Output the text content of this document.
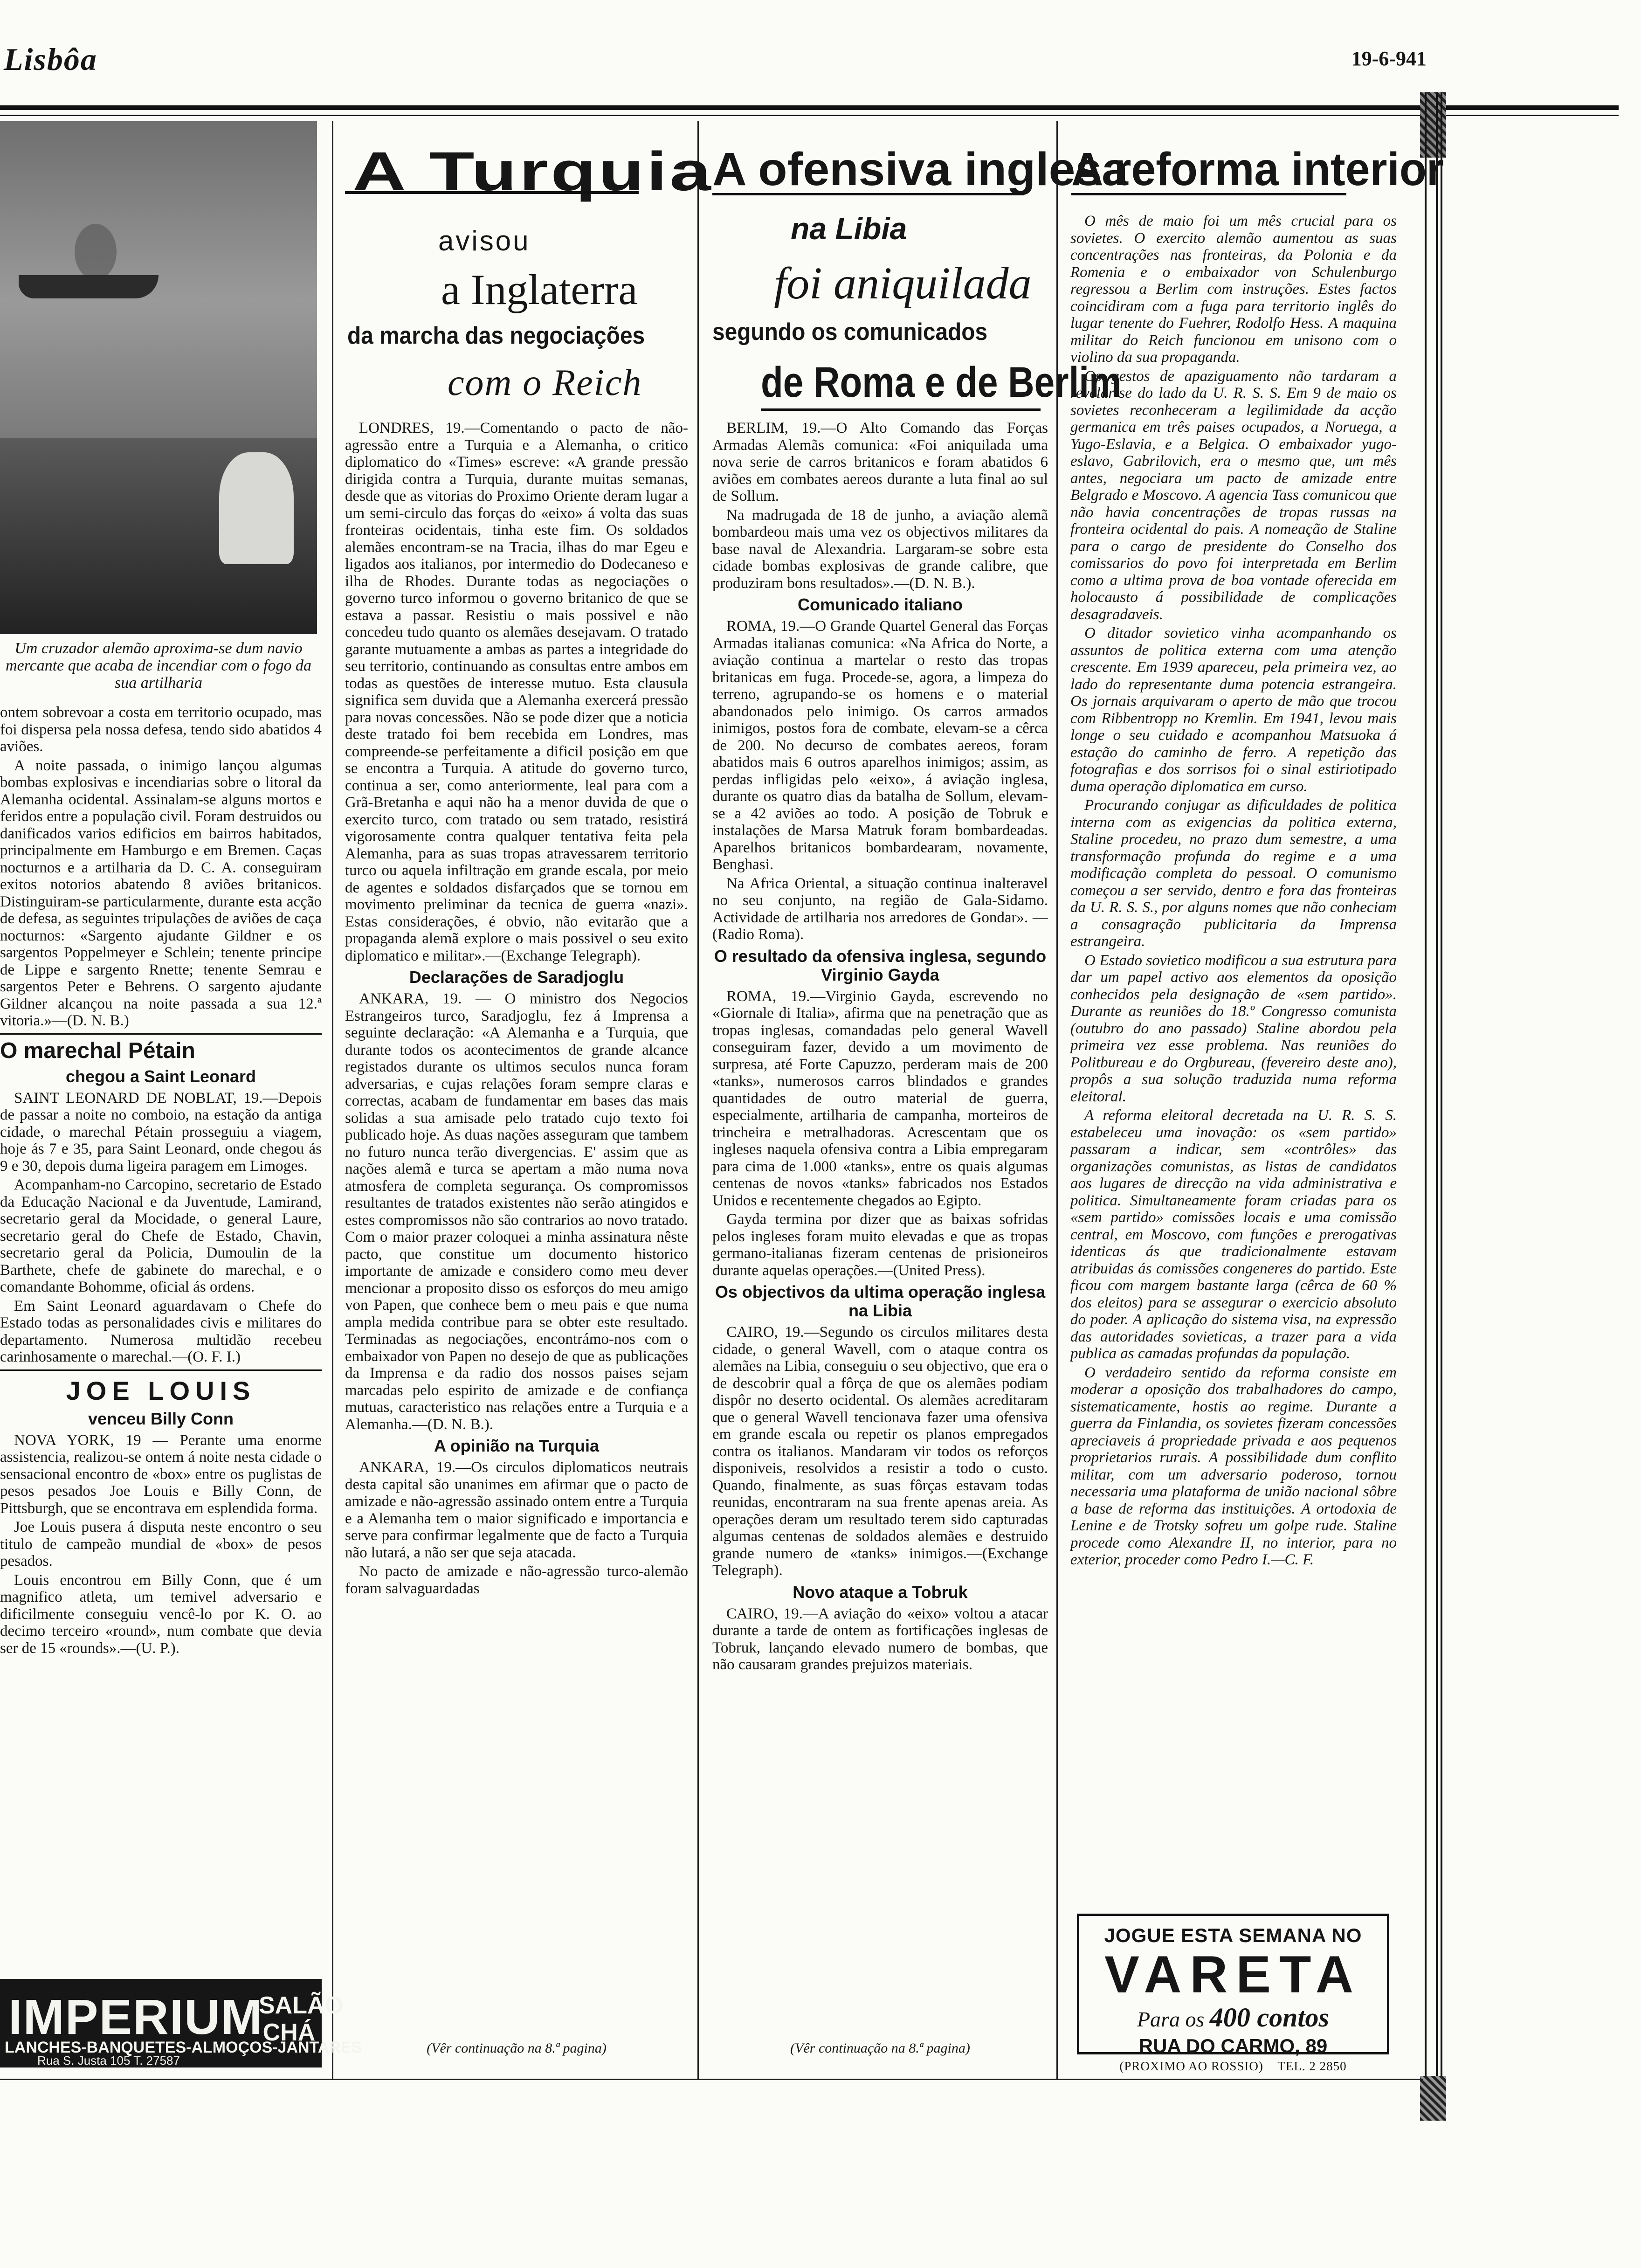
Lisbôa	19-6-941
Um cruzador alemão aproxima-se dum navio mercante que acaba de incendiar com o fogo da sua artilharia

ontem sobrevoar a costa em territorio ocupado, mas foi dispersa pela nossa defesa, tendo sido abatidos 4 aviões.

A noite passada, o inimigo lançou algumas bombas explosivas e incendiarias sobre o litoral da Alemanha ocidental. Assinalam-se alguns mortos e feridos entre a população civil. Foram destruidos ou danificados varios edificios em bairros habitados, principalmente em Hamburgo e em Bremen. Caças nocturnos e a artilharia da D. C. A. conseguiram exitos notorios abatendo 8 aviões britanicos. Distinguiram-se particularmente, durante esta acção de defesa, as seguintes tripulações de aviões de caça nocturnos: «Sargento ajudante Gildner e os sargentos Poppelmeyer e Schlein; tenente principe de Lippe e sargento Rnette; tenente Semrau e sargentos Peter e Behrens. O sargento ajudante Gildner alcançou na noite passada a sua 12.ª vitoria.»—(D. N. B.)

O marechal Pétain
chegou a Saint Leonard

SAINT LEONARD DE NOBLAT, 19.—Depois de passar a noite no comboio, na estação da antiga cidade, o marechal Pétain prosseguiu a viagem, hoje ás 7 e 35, para Saint Leonard, onde chegou ás 9 e 30, depois duma ligeira paragem em Limoges.

Acompanham-no Carcopino, secretario de Estado da Educação Nacional e da Juventude, Lamirand, secretario geral da Mocidade, o general Laure, secretario geral do Chefe de Estado, Chavin, secretario geral da Policia, Dumoulin de la Barthete, chefe de gabinete do marechal, e o comandante Bohomme, oficial ás ordens.

Em Saint Leonard aguardavam o Chefe do Estado todas as personalidades civis e militares do departamento. Numerosa multidão recebeu carinhosamente o marechal.—(O. F. I.)

JOE LOUIS
venceu Billy Conn

NOVA YORK, 19 — Perante uma enorme assistencia, realizou-se ontem á noite nesta cidade o sensacional encontro de «box» entre os puglistas de pesos pesados Joe Louis e Billy Conn, de Pittsburgh, que se encontrava em esplendida forma.

Joe Louis pusera á disputa neste encontro o seu titulo de campeão mundial de «box» de pesos pesados.

Louis encontrou em Billy Conn, que é um magnifico atleta, um temivel adversario e dificilmente conseguiu vencê-lo por K. O. ao decimo terceiro «round», num combate que devia ser de 15 «rounds».—(U. P.).

IMPERIUM
SALÃO CHÁ
LANCHES-BANQUETES-ALMOÇOS-JANTARES
Rua S. Justa 105 T. 27587
A Turquia
avisou
a Inglaterra
da marcha das negociações
com o Reich

LONDRES, 19.—Comentando o pacto de não-agressão entre a Turquia e a Alemanha, o critico diplomatico do «Times» escreve: «A grande pressão dirigida contra a Turquia, durante muitas semanas, desde que as vitorias do Proximo Oriente deram lugar a um semi-circulo das forças do «eixo» á volta das suas fronteiras ocidentais, tinha este fim. Os soldados alemães encontram-se na Tracia, ilhas do mar Egeu e ligados aos italianos, por intermedio do Dodecaneso e ilha de Rhodes. Durante todas as negociações o governo turco informou o governo britanico de que se estava a passar. Resistiu o mais possivel e não concedeu tudo quanto os alemães desejavam. O tratado garante mutuamente a ambas as partes a integridade do seu territorio, continuando as consultas entre ambos em todas as questões de interesse mutuo. Esta clausula significa sem duvida que a Alemanha exercerá pressão para novas concessões. Não se pode dizer que a noticia deste tratado foi bem recebida em Londres, mas compreende-se perfeitamente a dificil posição em que se encontra a Turquia. A atitude do governo turco, continua a ser, como anteriormente, leal para com a Grã-Bretanha e aqui não ha a menor duvida de que o exercito turco, com tratado ou sem tratado, resistirá vigorosamente contra qualquer tentativa feita pela Alemanha, para as suas tropas atravessarem territorio turco ou aquela infiltração em grande escala, por meio de agentes e soldados disfarçados que se tornou em movimento preliminar da tecnica de guerra «nazi». Estas considerações, é obvio, não evitarão que a propaganda alemã explore o mais possivel o seu exito diplomatico e militar».—(Exchange Telegraph).

Declarações de Saradjoglu

ANKARA, 19. — O ministro dos Negocios Estrangeiros turco, Saradjoglu, fez á Imprensa a seguinte declaração: «A Alemanha e a Turquia, que durante todos os acontecimentos de grande alcance registados durante os ultimos seculos nunca foram adversarias, e cujas relações foram sempre claras e correctas, acabam de fundamentar em bases das mais solidas a sua amisade pelo tratado cujo texto foi publicado hoje. As duas nações asseguram que tambem no futuro nunca terão divergencias. E' assim que as nações alemã e turca se apertam a mão numa nova atmosfera de completa segurança. Os compromissos resultantes de tratados existentes não serão atingidos e estes compromissos não são contrarios ao novo tratado. Com o maior prazer coloquei a minha assinatura nêste pacto, que constitue um documento historico importante de amizade e considero como meu dever mencionar a proposito disso os esforços do meu amigo von Papen, que conhece bem o meu pais e que numa ampla medida contribue para se obter este resultado. Terminadas as negociações, encontrámo-nos com o embaixador von Papen no desejo de que as publicações da Imprensa e da radio dos nossos paises sejam marcadas pelo espirito de amizade e de confiança mutuas, caracteristico nas relações entre a Turquia e a Alemanha.—(D. N. B.).

A opinião na Turquia

ANKARA, 19.—Os circulos diplomaticos neutrais desta capital são unanimes em afirmar que o pacto de amizade e não-agressão assinado ontem entre a Turquia e a Alemanha tem o maior significado e importancia e serve para confirmar legalmente que de facto a Turquia não lutará, a não ser que seja atacada.

No pacto de amizade e não-agressão turco-alemão foram salvaguardadas

(Vêr continuação na 8.ª pagina)
A ofensiva inglesa
na Libia
foi aniquilada
segundo os comunicados
de Roma e de Berlim

BERLIM, 19.—O Alto Comando das Forças Armadas Alemãs comunica: «Foi aniquilada uma nova serie de carros britanicos e foram abatidos 6 aviões em combates aereos durante a luta final ao sul de Sollum.

Na madrugada de 18 de junho, a aviação alemã bombardeou mais uma vez os objectivos militares da base naval de Alexandria. Largaram-se sobre esta cidade bombas explosivas de grande calibre, que produziram bons resultados».—(D. N. B.).

Comunicado italiano

ROMA, 19.—O Grande Quartel General das Forças Armadas italianas comunica: «Na Africa do Norte, a aviação continua a martelar o resto das tropas britanicas em fuga. Procede-se, agora, a limpeza do terreno, agrupando-se os homens e o material abandonados pelo inimigo. Os carros armados inimigos, postos fora de combate, elevam-se a cêrca de 200. No decurso de combates aereos, foram abatidos mais 6 outros aparelhos inimigos; assim, as perdas infligidas pelo «eixo», á aviação inglesa, durante os quatro dias da batalha de Sollum, elevam-se a 42 aviões ao todo. A posição de Tobruk e instalações de Marsa Matruk foram bombardeadas. Aparelhos britanicos bombardearam, novamente, Benghasi.

Na Africa Oriental, a situação continua inalteravel no seu conjunto, na região de Gala-Sidamo. Actividade de artilharia nos arredores de Gondar». —(Radio Roma).

O resultado da ofensiva inglesa, segundo Virginio Gayda

ROMA, 19.—Virginio Gayda, escrevendo no «Giornale di Italia», afirma que na penetração que as tropas inglesas, comandadas pelo general Wavell conseguiram fazer, devido a um movimento de surpresa, até Forte Capuzzo, perderam mais de 200 «tanks», numerosos carros blindados e grandes quantidades de outro material de guerra, especialmente, artilharia de campanha, morteiros de trincheira e metralhadoras. Acrescentam que os ingleses naquela ofensiva contra a Libia empregaram para cima de 1.000 «tanks», entre os quais algumas centenas de novos «tanks» fabricados nos Estados Unidos e recentemente chegados ao Egipto.

Gayda termina por dizer que as baixas sofridas pelos ingleses foram muito elevadas e que as tropas germano-italianas fizeram centenas de prisioneiros durante aquelas operações.—(United Press).

Os objectivos da ultima operação inglesa na Libia

CAIRO, 19.—Segundo os circulos militares desta cidade, o general Wavell, com o ataque contra os alemães na Libia, conseguiu o seu objectivo, que era o de descobrir qual a fôrça de que os alemães podiam dispôr no deserto ocidental. Os alemães acreditaram que o general Wavell tencionava fazer uma ofensiva em grande escala ou repetir os planos empregados contra os italianos. Mandaram vir todos os reforços disponiveis, resolvidos a resistir a todo o custo. Quando, finalmente, as suas fôrças estavam todas reunidas, encontraram na sua frente apenas areia. As operações deram um resultado terem sido capturadas algumas centenas de soldados alemães e destruido grande numero de «tanks» inimigos.—(Exchange Telegraph).

Novo ataque a Tobruk

CAIRO, 19.—A aviação do «eixo» voltou a atacar durante a tarde de ontem as fortificações inglesas de Tobruk, lançando elevado numero de bombas, que não causaram grandes prejuizos materiais.

(Vêr continuação na 8.ª pagina)
A reforma interior

O mês de maio foi um mês crucial para os sovietes. O exercito alemão aumentou as suas concentrações nas fronteiras, da Polonia e da Romenia e o embaixador von Schulenburgo regressou a Berlim com instruções. Estes factos coincidiram com a fuga para territorio inglês do lugar tenente do Fuehrer, Rodolfo Hess. A maquina militar do Reich funcionou em unisono com o violino da sua propaganda.

Os gestos de apaziguamento não tardaram a revelar-se do lado da U. R. S. S. Em 9 de maio os sovietes reconheceram a legilimidade da acção germanica em três paises ocupados, a Noruega, a Yugo-Eslavia, e a Belgica. O embaixador yugo-eslavo, Gabrilovich, era o mesmo que, um mês antes, negociara um pacto de amizade entre Belgrado e Moscovo. A agencia Tass comunicou que não havia concentrações de tropas russas na fronteira ocidental do pais. A nomeação de Staline para o cargo de presidente do Conselho dos comissarios do povo foi interpretada em Berlim como a ultima prova de boa vontade oferecida em holocausto á possibilidade de complicações desagradaveis.

O ditador sovietico vinha acompanhando os assuntos de politica externa com uma atenção crescente. Em 1939 apareceu, pela primeira vez, ao lado do representante duma potencia estrangeira. Os jornais arquivaram o aperto de mão que trocou com Ribbentropp no Kremlin. Em 1941, levou mais longe o seu cuidado e acompanhou Matsuoka á estação do caminho de ferro. A repetição das fotografias e dos sorrisos foi o sinal estiriotipado duma operação diplomatica em curso.

Procurando conjugar as dificuldades de politica interna com as exigencias da politica externa, Staline procedeu, no prazo dum semestre, a uma transformação profunda do regime e a uma modificação completa do pessoal. O comunismo começou a ser servido, dentro e fora das fronteiras da U. R. S. S., por alguns nomes que não conheciam a consagração publicitaria da Imprensa estrangeira.

O Estado sovietico modificou a sua estrutura para dar um papel activo aos elementos da oposição conhecidos pela designação de «sem partido». Durante as reuniões do 18.º Congresso comunista (outubro do ano passado) Staline abordou pela primeira vez esse problema. Nas reuniões do Politbureau e do Orgbureau, (fevereiro deste ano), propôs a sua solução traduzida numa reforma eleitoral.

A reforma eleitoral decretada na U. R. S. S. estabeleceu uma inovação: os «sem partido» passaram a indicar, sem «contrôles» das organizações comunistas, as listas de candidatos aos lugares de direcção na vida administrativa e politica. Simultaneamente foram criadas para os «sem partido» comissões locais e uma comissão central, em Moscovo, com funções e prerogativas identicas ás que tradicionalmente estavam atribuidas ás comissões congeneres do partido. Este ficou com margem bastante larga (cêrca de 60 % dos eleitos) para se assegurar o exercicio absoluto do poder. A aplicação do sistema visa, na expressão das autoridades sovieticas, a trazer para a vida publica as camadas profundas da população.

O verdadeiro sentido da reforma consiste em moderar a oposição dos trabalhadores do campo, sistematicamente, hostis ao regime. Durante a guerra da Finlandia, os sovietes fizeram concessões apreciaveis á propriedade privada e aos pequenos proprietarios rurais. A possibilidade dum conflito militar, com um adversario poderoso, tornou necessaria uma plataforma de união nacional sôbre a base de reforma das instituições. A ortodoxia de Lenine e de Trotsky sofreu um golpe rude. Staline procede como Alexandre II, no interior, para no exterior, proceder como Pedro I.—C. F.

JOGUE ESTA SEMANA NO
VARETA
Para os 400 contos
RUA DO CARMO, 89
(PROXIMO AO ROSSIO) TEL. 2 2850
